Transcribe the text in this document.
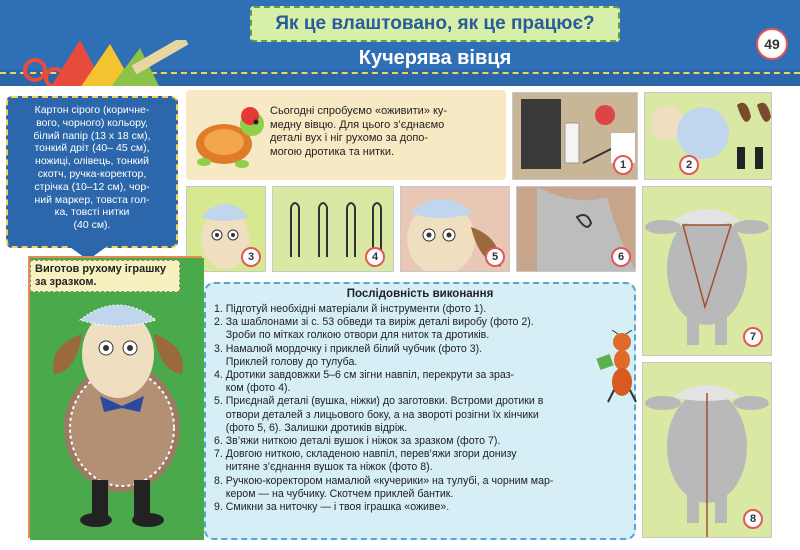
Як це влаштовано, як це працює?
Кучерява вівця
49
Картон сірого (коричне-
вого, чорного) кольору,
білий папір (13 х 18 см),
тонкий дріт (40– 45 см),
ножиці, олівець, тонкий
скотч, ручка-коректор,
стрічка (10–12 см), чор-
ний маркер, товста гол-
ка, товсті нитки
(40 см).
Сьогодні спробуємо «оживити» ку-
медну вівцю. Для цього з’єднаємо
деталі вух і ніг рухомо за допо-
могою дротика та нитки.
1	2
3	4	5	6
7
8
Виготов рухому іграшку за зразком.
Послідовність виконання
1. Підготуй необхідні матеріали й інструменти (фото 1).
2. За шаблонами зі с. 53 обведи та виріж деталі виробу (фото 2).
Зроби по мітках голкою отвори для ниток та дротиків.
3. Намалюй мордочку і приклей білий чубчик (фото 3).
Приклей голову до тулуба.
4. Дротики завдовжки 5–6 см зігни навпіл, перекрути за зраз-
ком (фото 4).
5. Приєднай деталі (вушка, ніжки) до заготовки. Встроми дротики в
отвори деталей з лицьового боку, а на звороті розігни їх кінчики
(фото 5, 6). Залишки дротиків відріж.
6. Зв’яжи ниткою деталі вушок і ніжок за зразком (фото 7).
7. Довгою ниткою, складеною навпіл, перев’яжи згори донизу
нитяне з’єднання вушок та ніжок (фото 8).
8. Ручкою-коректором намалюй «кучерики» на тулубі, а чорним мар-
кером — на чубчику. Скотчем приклей бантик.
9. Смикни за ниточку — і твоя іграшка «оживе».
